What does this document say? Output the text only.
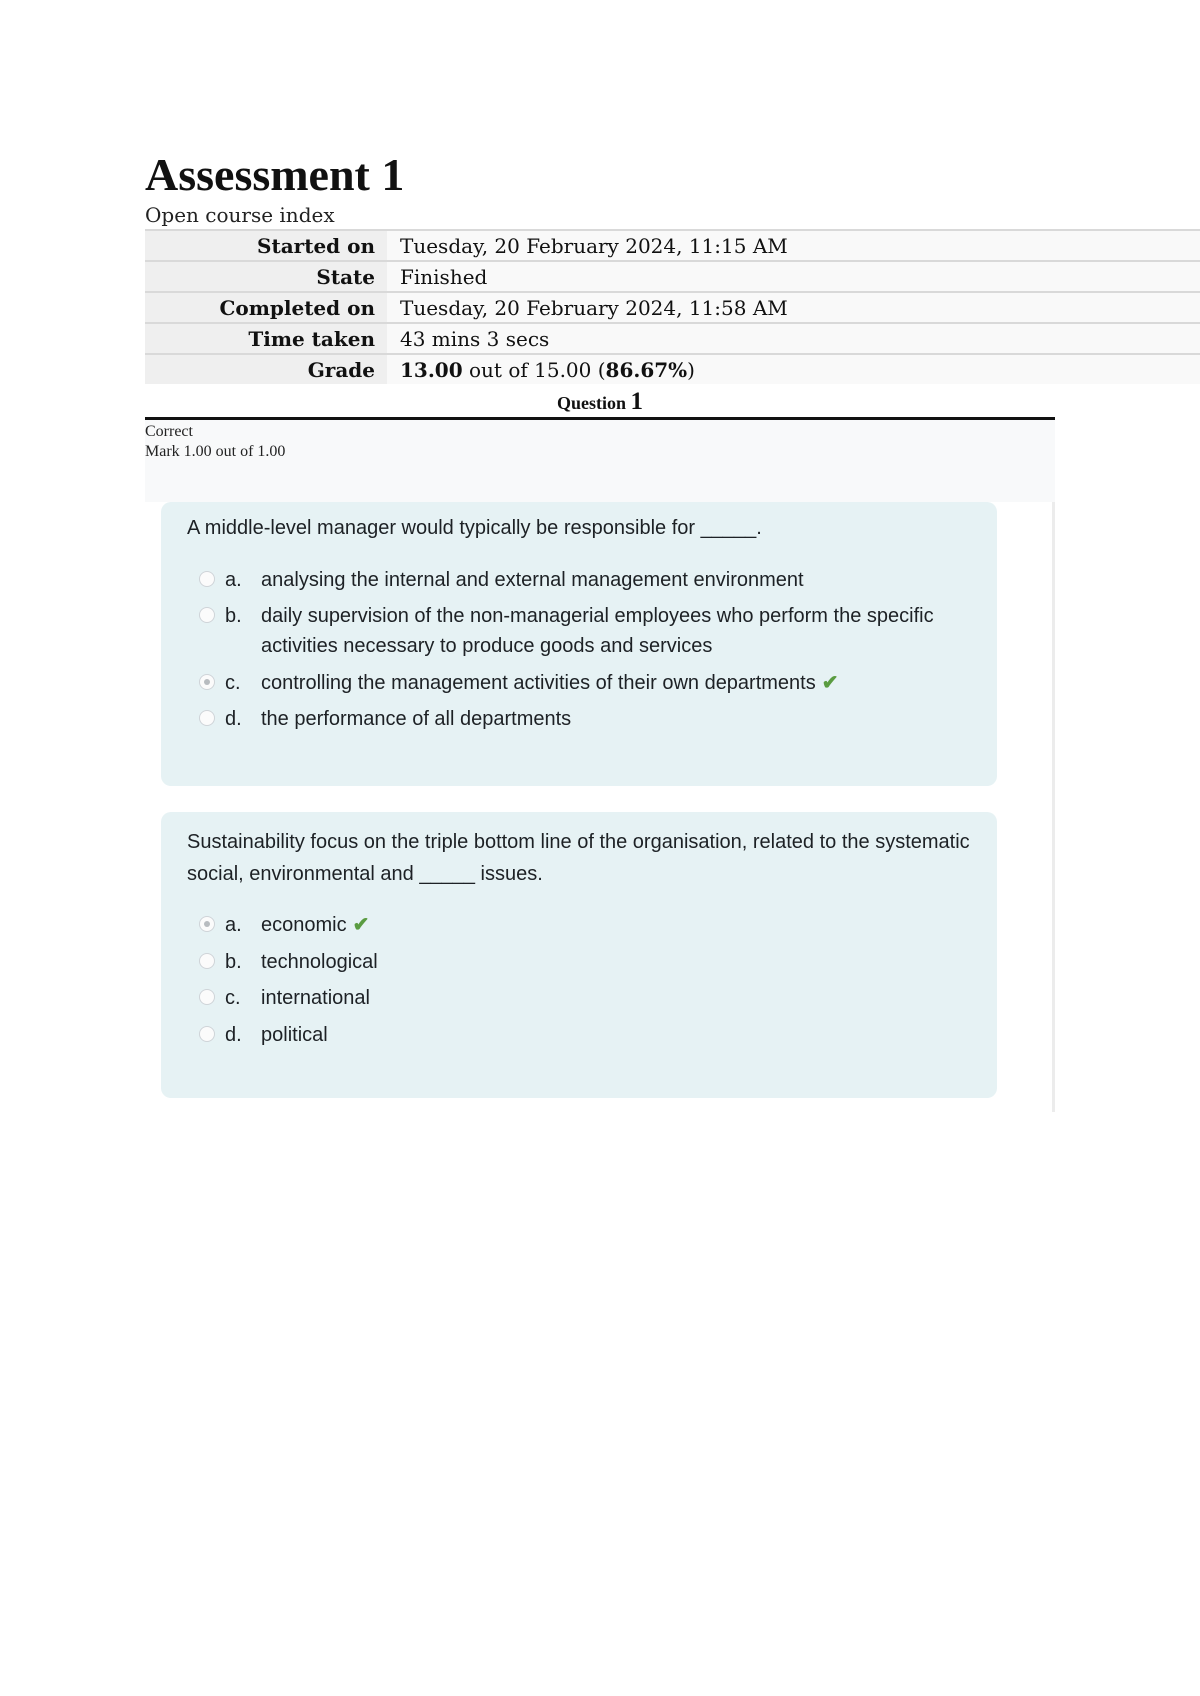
Assessment 1
Open course index
Started on	Tuesday, 20 February 2024, 11:15 AM
State	Finished
Completed on	Tuesday, 20 February 2024, 11:58 AM
Time taken	43 mins 3 secs
Grade	13.00 out of 15.00 (86.67%)
Question 1
Correct
Mark 1.00 out of 1.00

A middle-level manager would typically be responsible for _____.

a. analysing the internal and external management environment
b. daily supervision of the non-managerial employees who perform the specific activities necessary to produce goods and services
c.	controlling the management activities of their own departments ✔
d. the performance of all departments

Sustainability focus on the triple bottom line of the organisation, related to the systematic social, environmental and _____ issues.

a. economic ✔
b. technological
c.	international
d. political
